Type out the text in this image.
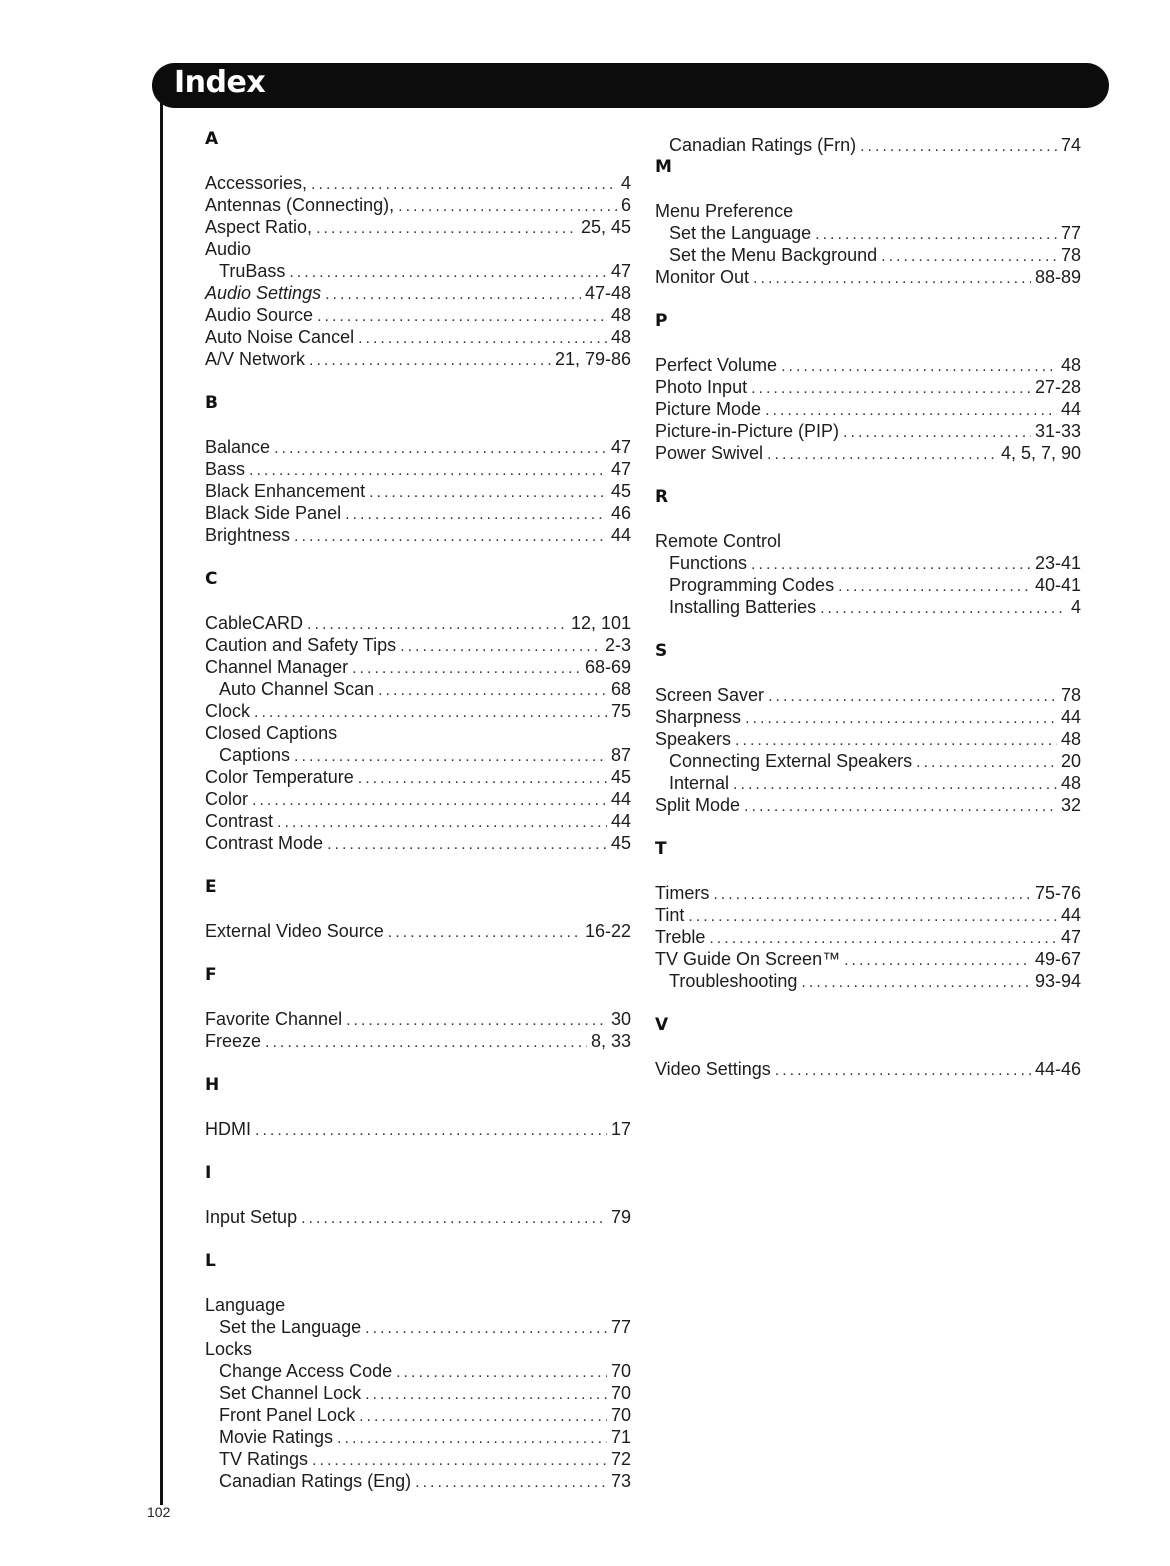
Index
A
Accessories, .....	4
Antennas (Connecting), .....	6
Aspect Ratio, .....	25, 45
Audio
TruBass .....	47
Audio Settings .....	47-48
Audio Source .....	48
Auto Noise Cancel .....	48
A/V Network .....	21, 79-86
B
Balance .....	47
Bass .....	47
Black Enhancement .....	45
Black Side Panel .....	46
Brightness .....	44
C
CableCARD .....	12, 101
Caution and Safety Tips .....	2-3
Channel Manager .....	68-69
Auto Channel Scan .....	68
Clock .....	75
Closed Captions
Captions .....	87
Color Temperature .....	45
Color .....	44
Contrast .....	44
Contrast Mode .....	45
E
External Video Source .....	16-22
F
Favorite Channel .....	30
Freeze .....	8, 33
H
HDMI .....	17
I
Input Setup .....	79
L
Language
Set the Language .....	77
Locks
Change Access Code .....	70
Set Channel Lock .....	70
Front Panel Lock .....	70
Movie Ratings .....	71
TV Ratings .....	72
Canadian Ratings (Eng) .....	73
Canadian Ratings (Frn) .....	74
M
Menu Preference
Set the Language .....	77
Set the Menu Background .....	78
Monitor Out .....	88-89
P
Perfect Volume .....	48
Photo Input .....	27-28
Picture Mode .....	44
Picture-in-Picture (PIP) .....	31-33
Power Swivel .....	4, 5, 7, 90
R
Remote Control
Functions .....	23-41
Programming Codes .....	40-41
Installing Batteries .....	4
S
Screen Saver .....	78
Sharpness .....	44
Speakers .....	48
Connecting External Speakers .....	20
Internal .....	48
Split Mode .....	32
T
Timers .....	75-76
Tint .....	44
Treble .....	47
TV Guide On Screen™ .....	49-67
Troubleshooting .....	93-94
V
Video Settings .....	44-46
102
